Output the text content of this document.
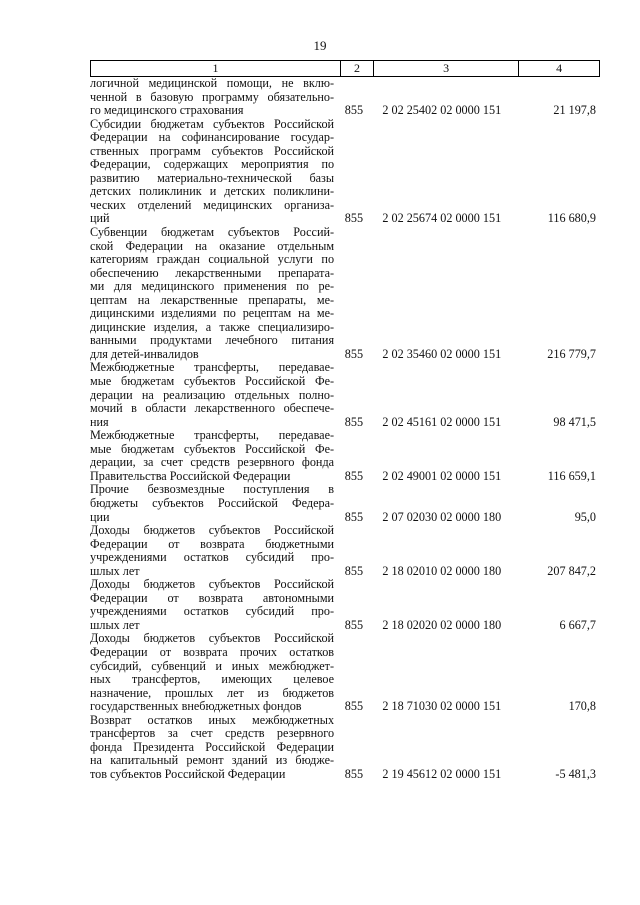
19
1	2	3	4
логичной медицинской помощи, не вклю-
ченной в базовую программу обязательно-
го медицинского страхования	855	2 02 25402 02 0000 151	21 197,8
Субсидии бюджетам субъектов Российской
Федерации на софинансирование государ-
ственных программ субъектов Российской
Федерации, содержащих мероприятия по
развитию материально-технической базы
детских поликлиник и детских поликлини-
ческих отделений медицинских организа-
ций	855	2 02 25674 02 0000 151	116 680,9
Субвенции бюджетам субъектов Россий-
ской Федерации на оказание отдельным
категориям граждан социальной услуги по
обеспечению лекарственными препарата-
ми для медицинского применения по ре-
цептам на лекарственные препараты, ме-
дицинскими изделиями по рецептам на ме-
дицинские изделия, а также специализиро-
ванными продуктами лечебного питания
для детей-инвалидов	855	2 02 35460 02 0000 151	216 779,7
Межбюджетные трансферты, передавае-
мые бюджетам субъектов Российской Фе-
дерации на реализацию отдельных полно-
мочий в области лекарственного обеспече-
ния	855	2 02 45161 02 0000 151	98 471,5
Межбюджетные трансферты, передавае-
мые бюджетам субъектов Российской Фе-
дерации, за счет средств резервного фонда
Правительства Российской Федерации	855	2 02 49001 02 0000 151	116 659,1
Прочие безвозмездные поступления в
бюджеты субъектов Российской Федера-
ции	855	2 07 02030 02 0000 180	95,0
Доходы бюджетов субъектов Российской
Федерации от возврата бюджетными
учреждениями остатков субсидий про-
шлых лет	855	2 18 02010 02 0000 180	207 847,2
Доходы бюджетов субъектов Российской
Федерации от возврата автономными
учреждениями остатков субсидий про-
шлых лет	855	2 18 02020 02 0000 180	6 667,7
Доходы бюджетов субъектов Российской
Федерации от возврата прочих остатков
субсидий, субвенций и иных межбюджет-
ных трансфертов, имеющих целевое
назначение, прошлых лет из бюджетов
государственных внебюджетных фондов	855	2 18 71030 02 0000 151	170,8
Возврат остатков иных межбюджетных
трансфертов за счет средств резервного
фонда Президента Российской Федерации
на капитальный ремонт зданий из бюдже-
тов субъектов Российской Федерации	855	2 19 45612 02 0000 151	-5 481,3
